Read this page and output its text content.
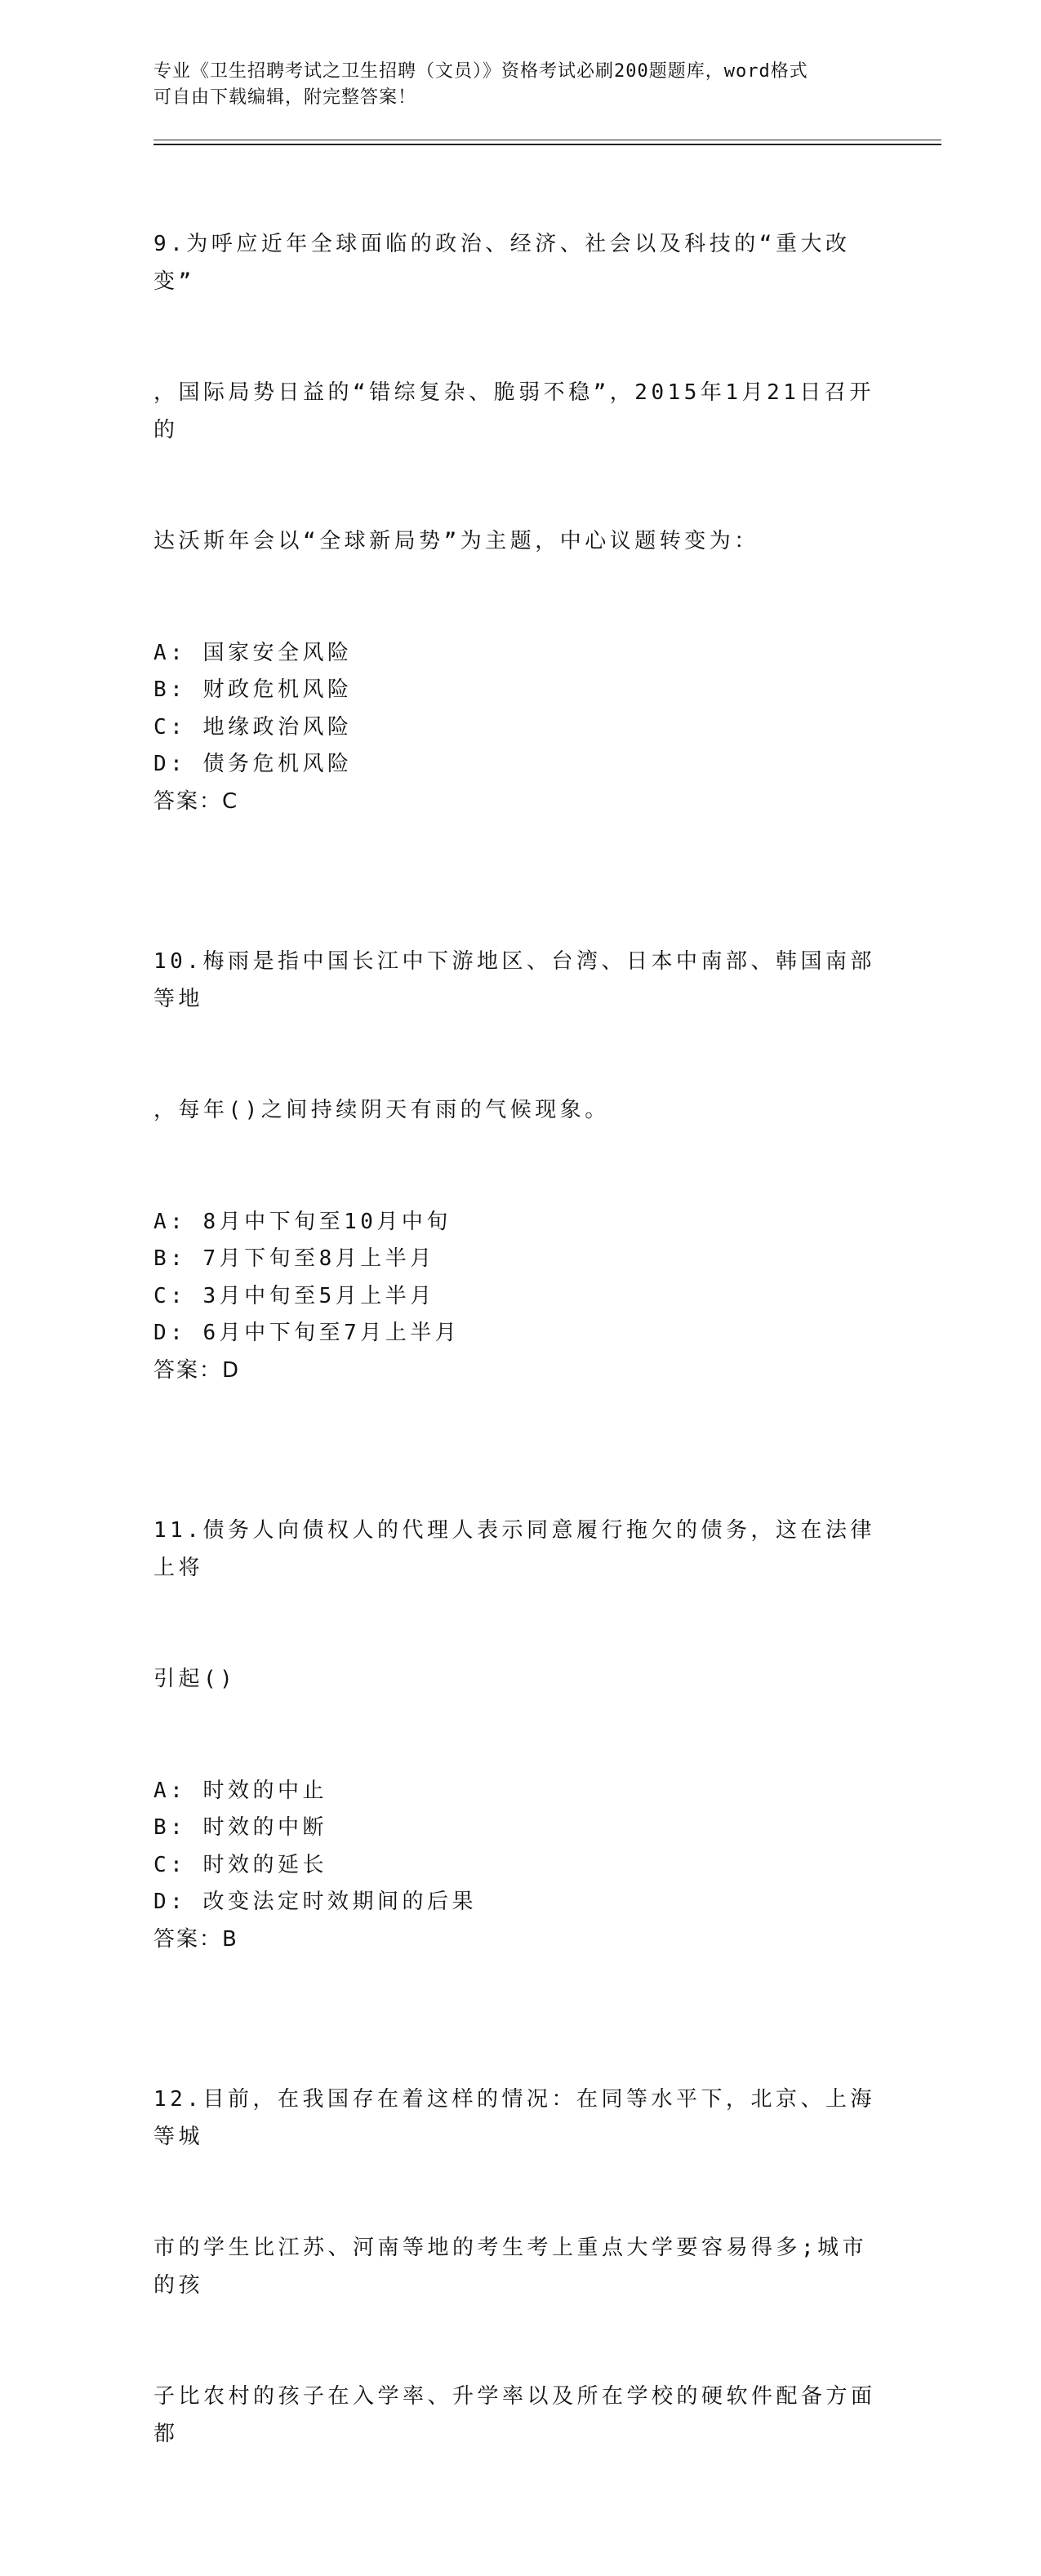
专业《卫生招聘考试之卫生招聘（文员）》资格考试必刷200题题库，word格式
可自由下载编辑，附完整答案！

9.为呼应近年全球面临的政治、经济、社会以及科技的“重大改变”

，国际局势日益的“错综复杂、脆弱不稳”，2015年1月21日召开的

达沃斯年会以“全球新局势”为主题，中心议题转变为：

A: 国家安全风险
B: 财政危机风险
C: 地缘政治风险
D: 债务危机风险
答案：C

10.梅雨是指中国长江中下游地区、台湾、日本中南部、韩国南部等地

，每年()之间持续阴天有雨的气候现象。

A: 8月中下旬至10月中旬
B: 7月下旬至8月上半月
C: 3月中旬至5月上半月
D: 6月中下旬至7月上半月
答案：D

11.债务人向债权人的代理人表示同意履行拖欠的债务，这在法律上将

引起()

A: 时效的中止
B: 时效的中断
C: 时效的延长
D: 改变法定时效期间的后果
答案：B

12.目前，在我国存在着这样的情况：在同等水平下，北京、上海等城

市的学生比江苏、河南等地的考生考上重点大学要容易得多;城市的孩

子比农村的孩子在入学率、升学率以及所在学校的硬软件配备方面都
